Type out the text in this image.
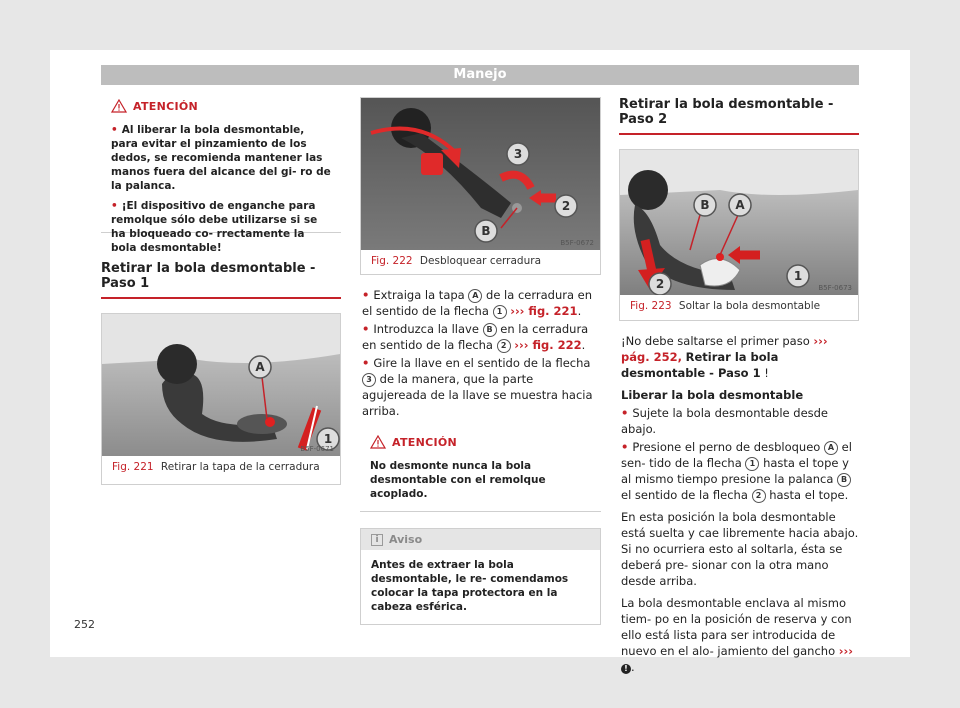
Manejo
ATENCIÓN

• Al liberar la bola desmontable, para evitar el pinzamiento de los dedos, se recomienda mantener las manos fuera del alcance del gi- ro de la palanca.

• ¡El dispositivo de enganche para remolque sólo debe utilizarse si se ha bloqueado co- rrectamente la bola desmontable!

Retirar la bola desmontable - Paso 1
A
1
B5F-0671
Fig. 221 Retirar la tapa de la cerradura
3
2
B
B5F-0672
Fig. 222 Desbloquear cerradura

• Extraiga la tapa A de la cerradura en el sentido de la flecha 1 ››› fig. 221.

• Introduzca la llave B en la cerradura en sentido de la flecha 2 ››› fig. 222.

• Gire la llave en el sentido de la flecha 3 de la manera, que la parte agujereada de la llave se muestra hacia arriba.

ATENCIÓN
No desmonte nunca la bola desmontable con el remolque acoplado.
i Aviso
Antes de extraer la bola desmontable, le re- comendamos colocar la tapa protectora en la cabeza esférica.
Retirar la bola desmontable - Paso 2
B A
2
1
B5F-0673
Fig. 223 Soltar la bola desmontable

¡No debe saltarse el primer paso ››› pág. 252, Retirar la bola desmontable - Paso 1 !

Liberar la bola desmontable

• Sujete la bola desmontable desde abajo.

• Presione el perno de desbloqueo A el sen- tido de la flecha 1 hasta el tope y al mismo tiempo presione la palanca B el sentido de la flecha 2 hasta el tope.

En esta posición la bola desmontable está suelta y cae libremente hacia abajo. Si no ocurriera esto al soltarla, ésta se deberá pre- sionar con la otra mano desde arriba.

La bola desmontable enclava al mismo tiem- po en la posición de reserva y con ello está lista para ser introducida de nuevo en el alo- jamiento del gancho ››› ! .

252
